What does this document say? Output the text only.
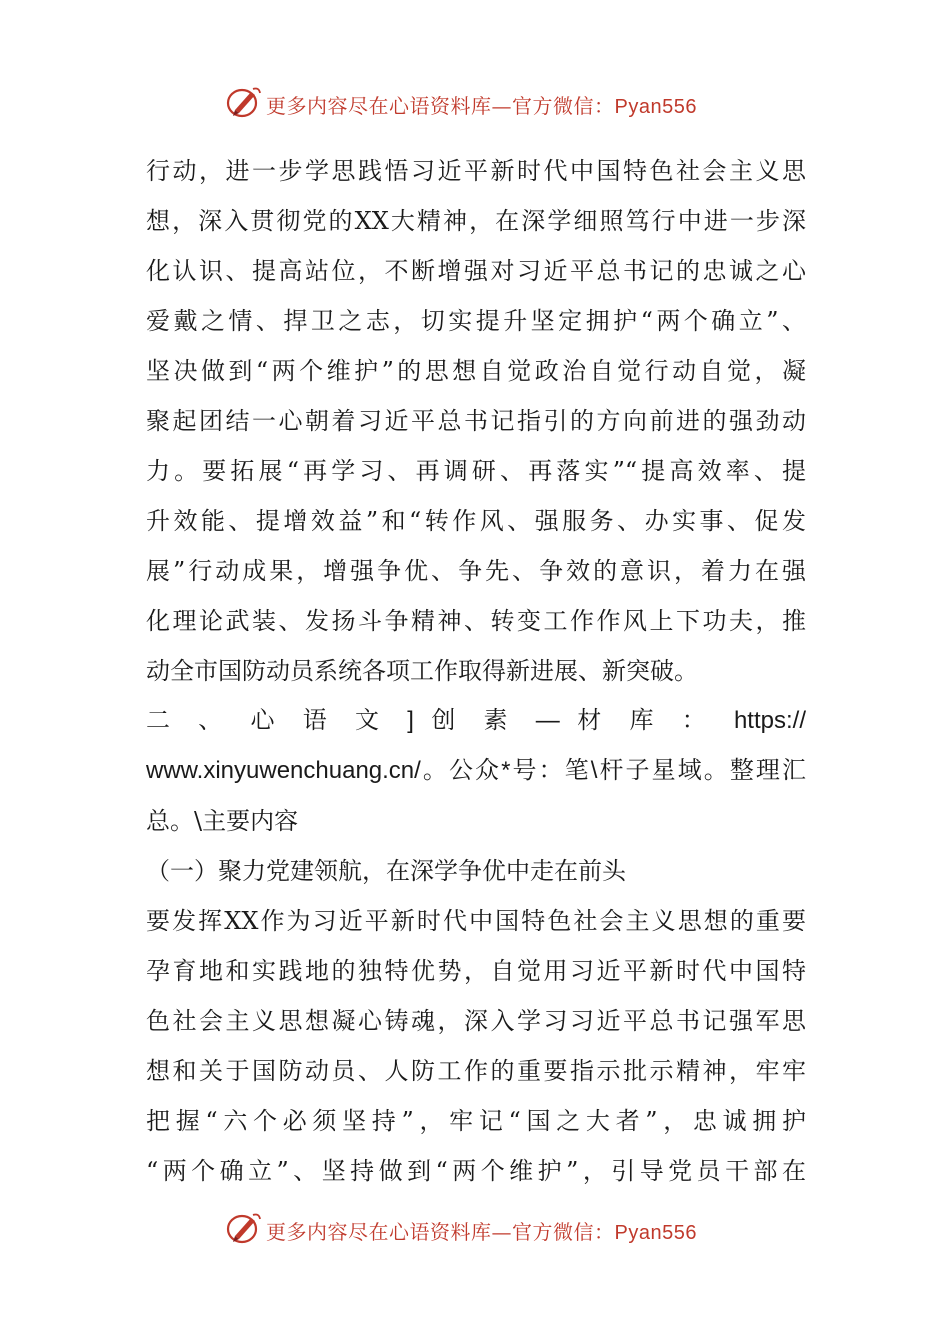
更多内容尽在心语资料库—官方微信：Pyan556
行动，进一步学思践悟习近平新时代中国特色社会主义思
想，深入贯彻党的XX大精神，在深学细照笃行中进一步深
化认识、提高站位，不断增强对习近平总书记的忠诚之心
爱戴之情、捍卫之志，切实提升坚定拥护“两个确立”、
坚决做到“两个维护”的思想自觉政治自觉行动自觉，凝
聚起团结一心朝着习近平总书记指引的方向前进的强劲动
力。要拓展“再学习、再调研、再落实”“提高效率、提
升效能、提增效益”和“转作风、强服务、办实事、促发
展”行动成果，增强争优、争先、争效的意识，着力在强
化理论武装、发扬斗争精神、转变工作作风上下功夫，推
动全市国防动员系统各项工作取得新进展、新突破。
二 、 心 语 文 ] 创 素 — 材 库 ： https://
www.xinyuwenchuang.cn/。公众*号：笔\杆子星域。整理汇
总。\主要内容
（一）聚力党建领航，在深学争优中走在前头
要发挥XX作为习近平新时代中国特色社会主义思想的重要
孕育地和实践地的独特优势，自觉用习近平新时代中国特
色社会主义思想凝心铸魂，深入学习习近平总书记强军思
想和关于国防动员、人防工作的重要指示批示精神，牢牢
把握“六个必须坚持”，牢记“国之大者”，忠诚拥护
“两个确立”、坚持做到“两个维护”，引导党员干部在
更多内容尽在心语资料库—官方微信：Pyan556
